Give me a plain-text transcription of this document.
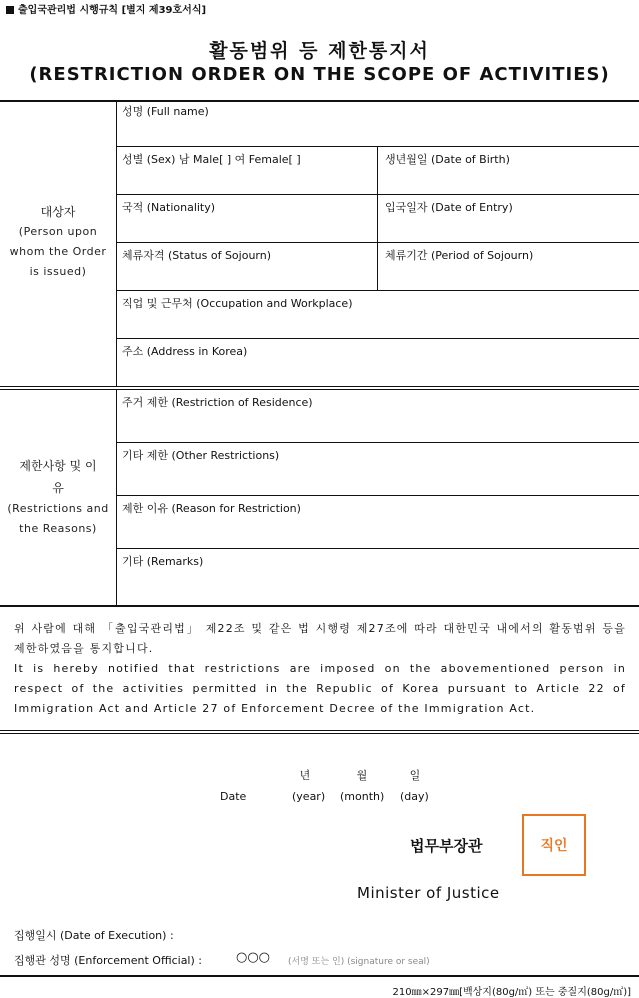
출입국관리법 시행규칙 [별지 제39호서식]
활동범위 등 제한통지서
(RESTRICTION ORDER ON THE SCOPE OF ACTIVITIES)
대상자
(Person upon
whom the Order
is issued)
성명 (Full name)
성별 (Sex) 남 Male[ ] 여 Female[ ]	생년월일 (Date of Birth)
국적 (Nationality)	입국일자 (Date of Entry)
체류자격 (Status of Sojourn)	체류기간 (Period of Sojourn)
직업 및 근무처 (Occupation and Workplace)
주소 (Address in Korea)
제한사항 및 이
유
(Restrictions and
the Reasons)
주거 제한 (Restriction of Residence)
기타 제한 (Other Restrictions)
제한 이유 (Reason for Restriction)
기타 (Remarks)

위 사람에 대해 「출입국관리법」 제22조 및 같은 법 시행령 제27조에 따라 대한민국 내에서의 활동범위 등을 제한하였음을 통지합니다.

It is hereby notified that restrictions are imposed on the abovementioned person in respect of the activities permitted in the Republic of Korea pursuant to Article 22 of Immigration Act and Article 27 of Enforcement Decree of the Immigration Act.

년	월	일
Date	(year) (month) (day)
법무부장관	직인
Minister of Justice
집행일시 (Date of Execution) :
집행관 성명 (Enforcement Official) :	○○○ (서명 또는 인) (signature or seal)
210㎜×297㎜[백상지(80g/㎡) 또는 중질지(80g/㎡)]
